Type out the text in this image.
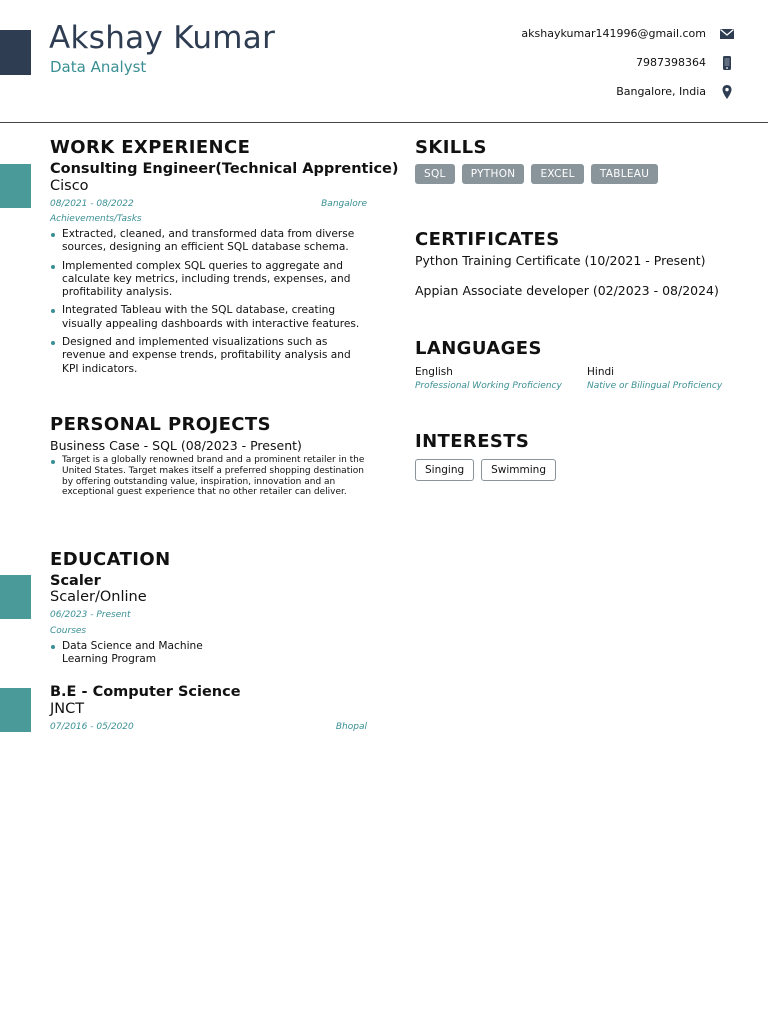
Akshay Kumar
Data Analyst
akshaykumar141996@gmail.com
7987398364
Bangalore, India
WORK EXPERIENCE
Consulting Engineer(Technical Apprentice)
Cisco
08/2021 - 08/2022	Bangalore
Achievements/Tasks
Extracted, cleaned, and transformed data from diverse sources, designing an efficient SQL database schema.
Implemented complex SQL queries to aggregate and calculate key metrics, including trends, expenses, and profitability analysis.
Integrated Tableau with the SQL database, creating visually appealing dashboards with interactive features.
Designed and implemented visualizations such as revenue and expense trends, profitability analysis and KPI indicators.
PERSONAL PROJECTS
Business Case - SQL (08/2023 - Present)
Target is a globally renowned brand and a prominent retailer in the United States. Target makes itself a preferred shopping destination by offering outstanding value, inspiration, innovation and an exceptional guest experience that no other retailer can deliver.
EDUCATION
Scaler
Scaler/Online
06/2023 - Present
Courses
Data Science and Machine Learning Program
B.E - Computer Science
JNCT
07/2016 - 05/2020	Bhopal
SKILLS
SQL	PYTHON	EXCEL	TABLEAU
CERTIFICATES
Python Training Certificate (10/2021 - Present)
Appian Associate developer (02/2023 - 08/2024)
LANGUAGES
English
Professional Working Proficiency
Hindi
Native or Bilingual Proficiency
INTERESTS
Singing	Swimming
